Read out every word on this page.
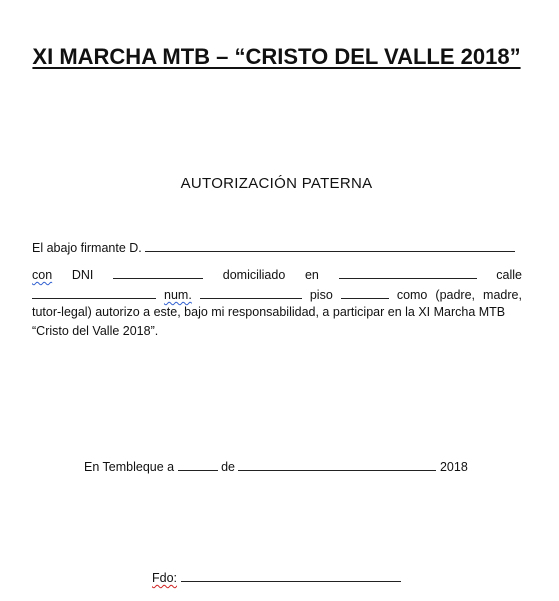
XI MARCHA MTB – “CRISTO DEL VALLE 2018”
AUTORIZACIÓN PATERNA
El abajo firmante D.
con DNI	domiciliado en	calle
num.	piso	como (padre, madre,
tutor-legal) autorizo a este, bajo mi responsabilidad, a participar en la XI Marcha MTB
“Cristo del Valle 2018”.
En Tembleque a	de	2018
Fdo:
